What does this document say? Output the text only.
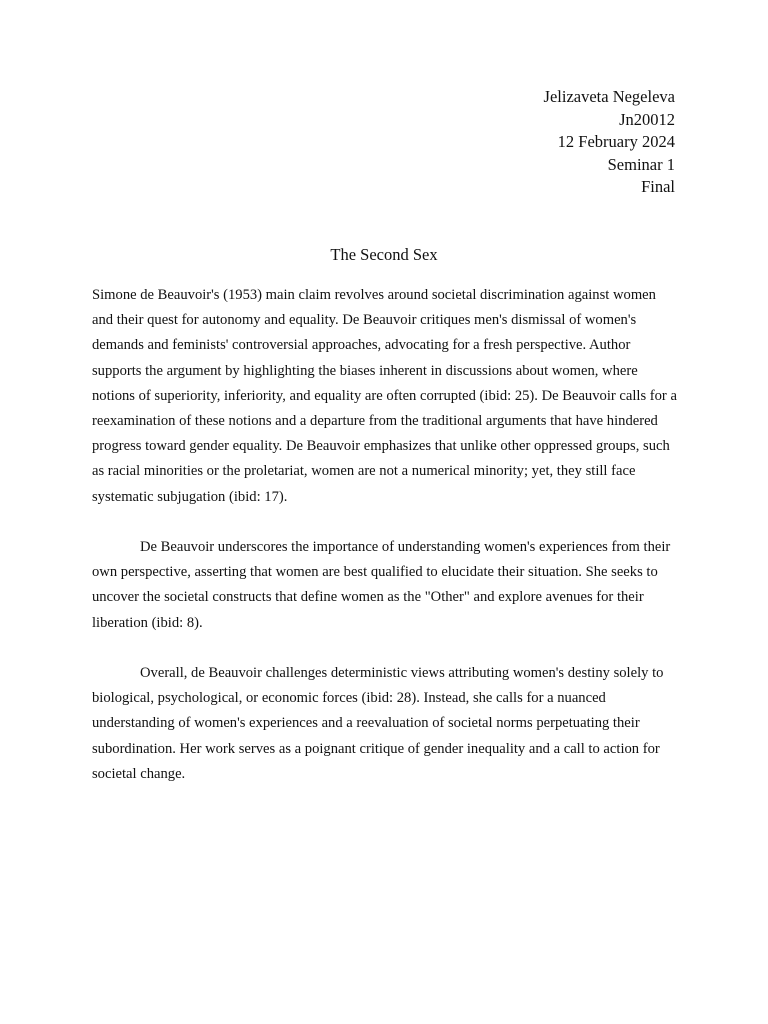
Jelizaveta Negeleva
Jn20012
12 February 2024
Seminar 1
Final
The Second Sex

Simone de Beauvoir's (1953) main claim revolves around societal discrimination against women and their quest for autonomy and equality. De Beauvoir critiques men's dismissal of women's demands and feminists' controversial approaches, advocating for a fresh perspective. Author supports the argument by highlighting the biases inherent in discussions about women, where notions of superiority, inferiority, and equality are often corrupted (ibid: 25). De Beauvoir calls for a reexamination of these notions and a departure from the traditional arguments that have hindered progress toward gender equality. De Beauvoir emphasizes that unlike other oppressed groups, such as racial minorities or the proletariat, women are not a numerical minority; yet, they still face systematic subjugation (ibid: 17).

De Beauvoir underscores the importance of understanding women's experiences from their own perspective, asserting that women are best qualified to elucidate their situation. She seeks to uncover the societal constructs that define women as the "Other" and explore avenues for their liberation (ibid: 8).

Overall, de Beauvoir challenges deterministic views attributing women's destiny solely to biological, psychological, or economic forces (ibid: 28). Instead, she calls for a nuanced understanding of women's experiences and a reevaluation of societal norms perpetuating their subordination. Her work serves as a poignant critique of gender inequality and a call to action for societal change.
